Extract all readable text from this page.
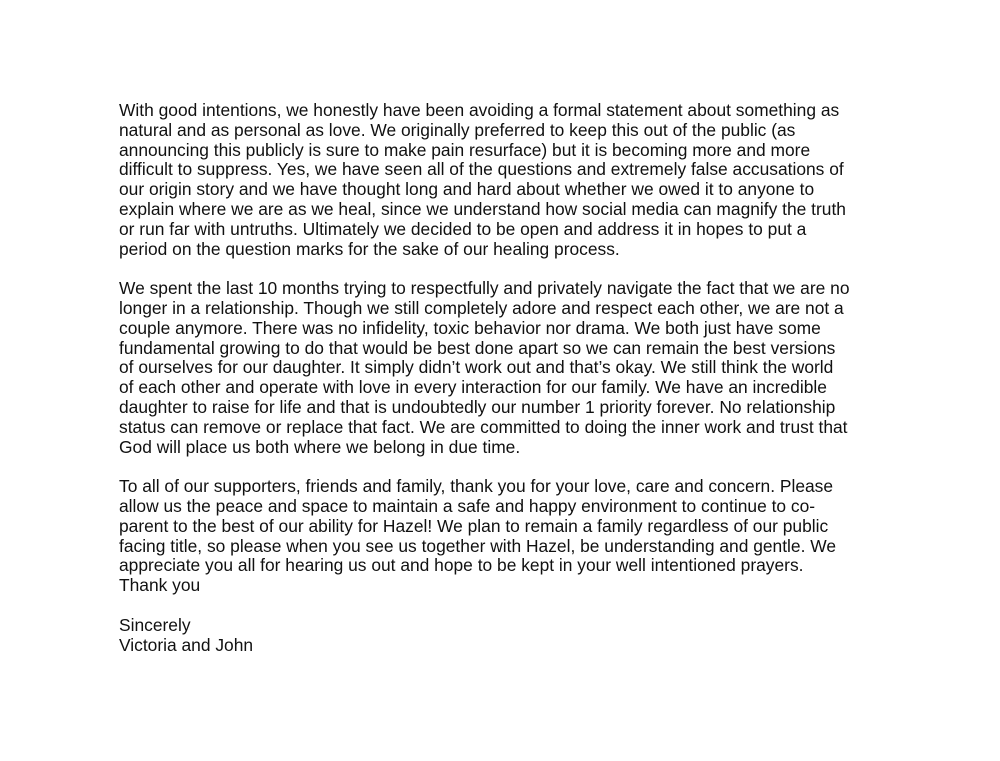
With good intentions, we honestly have been avoiding a formal statement about something as
natural and as personal as love. We originally preferred to keep this out of the public (as
announcing this publicly is sure to make pain resurface) but it is becoming more and more
difficult to suppress. Yes, we have seen all of the questions and extremely false accusations of
our origin story and we have thought long and hard about whether we owed it to anyone to
explain where we are as we heal, since we understand how social media can magnify the truth
or run far with untruths. Ultimately we decided to be open and address it in hopes to put a
period on the question marks for the sake of our healing process.

We spent the last 10 months trying to respectfully and privately navigate the fact that we are no
longer in a relationship. Though we still completely adore and respect each other, we are not a
couple anymore. There was no infidelity, toxic behavior nor drama. We both just have some
fundamental growing to do that would be best done apart so we can remain the best versions
of ourselves for our daughter. It simply didn’t work out and that’s okay. We still think the world
of each other and operate with love in every interaction for our family. We have an incredible
daughter to raise for life and that is undoubtedly our number 1 priority forever. No relationship
status can remove or replace that fact. We are committed to doing the inner work and trust that
God will place us both where we belong in due time.

To all of our supporters, friends and family, thank you for your love, care and concern. Please
allow us the peace and space to maintain a safe and happy environment to continue to co-
parent to the best of our ability for Hazel! We plan to remain a family regardless of our public
facing title, so please when you see us together with Hazel, be understanding and gentle. We
appreciate you all for hearing us out and hope to be kept in your well intentioned prayers.
Thank you

Sincerely
Victoria and John
